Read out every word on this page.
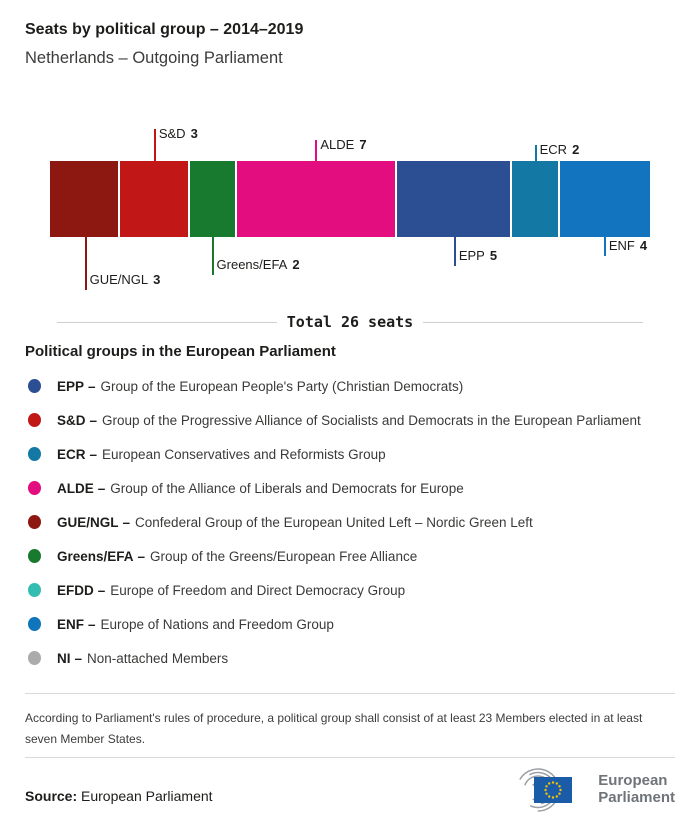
Seats by political group – 2014–2019

Netherlands – Outgoing Parliament

GUE/NGL 3
S&D 3
Greens/EFA 2
ALDE 7
EPP 5
ECR 2
ENF 4
Total 26 seats
Political groups in the European Parliament
EPP – Group of the European People's Party (Christian Democrats)
S&D – Group of the Progressive Alliance of Socialists and Democrats in the European Parliament
ECR – European Conservatives and Reformists Group
ALDE – Group of the Alliance of Liberals and Democrats for Europe
GUE/NGL – Confederal Group of the European United Left – Nordic Green Left
Greens/EFA – Group of the Greens/European Free Alliance
EFDD – Europe of Freedom and Direct Democracy Group
ENF – Europe of Nations and Freedom Group
NI – Non-attached Members

According to Parliament's rules of procedure, a political group shall consist of at least 23 Members elected in at least seven Member States.

Source: European Parliament
European
Parliament
